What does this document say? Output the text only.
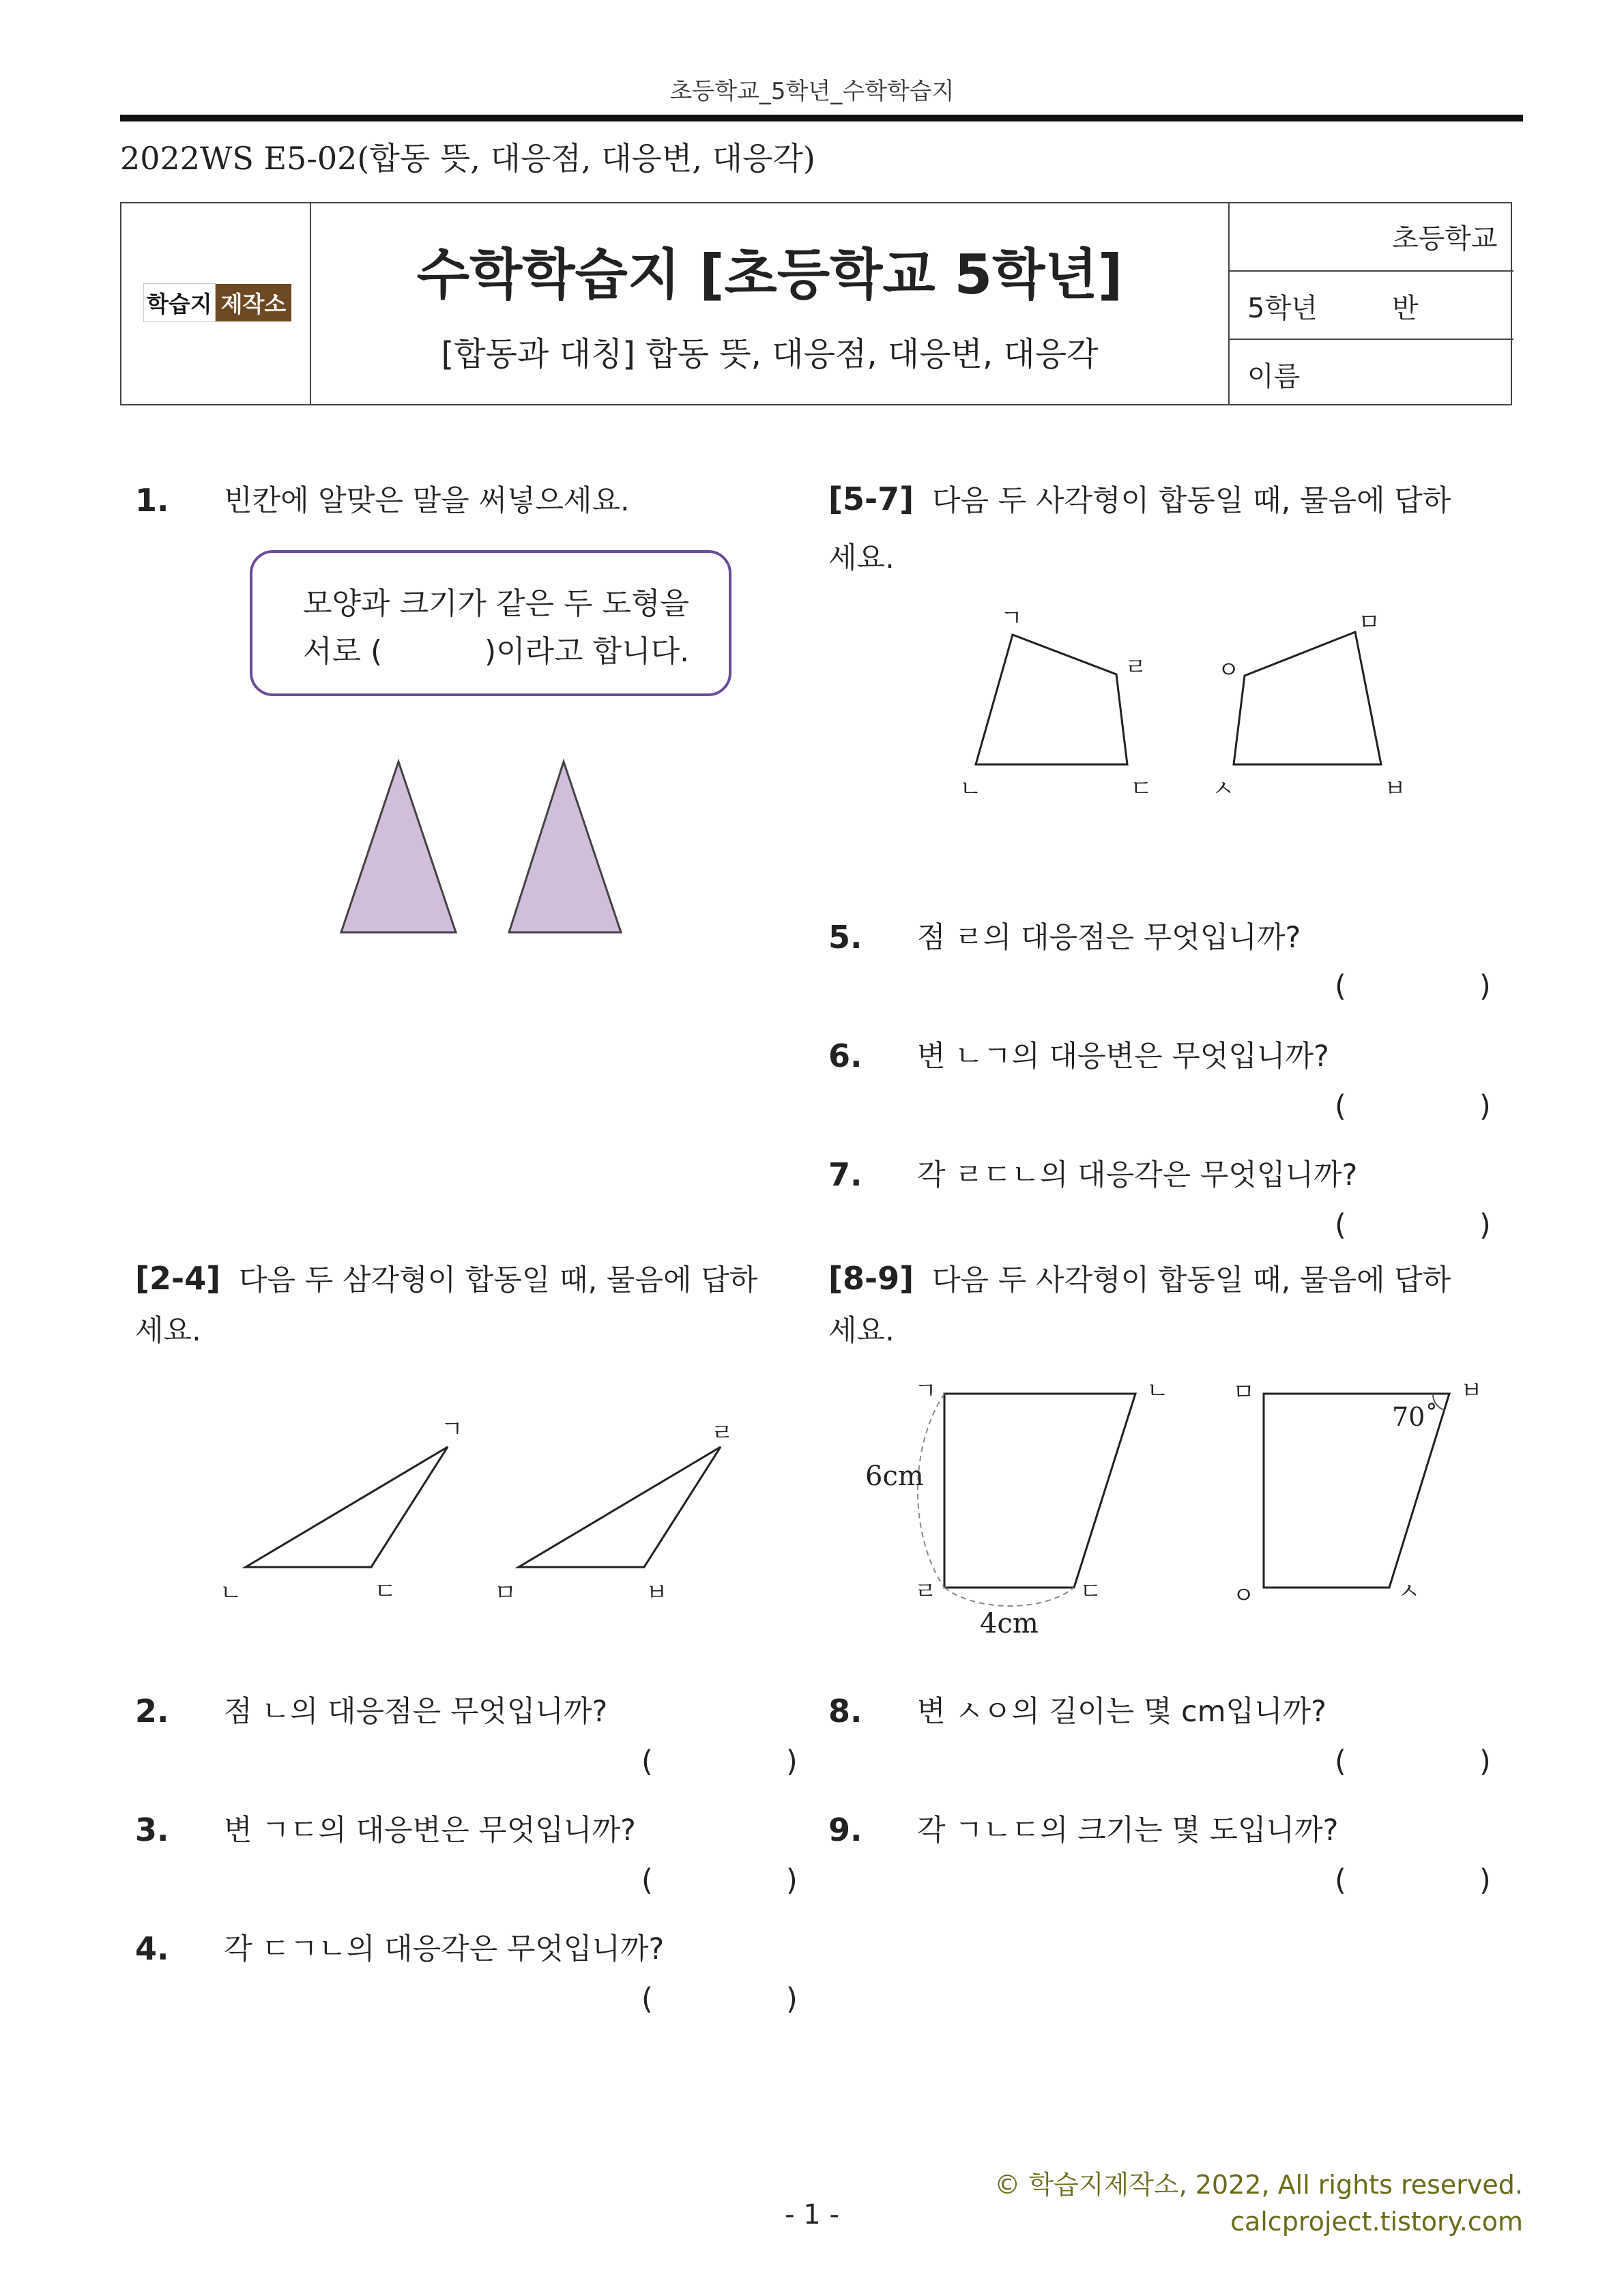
초등학교_5학년_수학학습지
2022WS E5-02(합동 뜻, 대응점, 대응변, 대응각)
학습지 제작소	수학학습지 [초등학교 5학년]
[합동과 대칭] 합동 뜻, 대응점, 대응변, 대응각
초등학교
5학년	반
이름
1. 빈칸에 알맞은 말을 써넣으세요.
모양과 크기가 같은 두 도형을
서로 (	)이라고 합니다.
[2-4] 다음 두 삼각형이 합동일 때, 물음에 답하
세요.
ㄱ
ㄴ	ㄷ
ㄹ
ㅁ	ㅂ
2. 점 ㄴ의 대응점은 무엇입니까?
(	)
3. 변 ㄱㄷ의 대응변은 무엇입니까?
(	)
4. 각 ㄷㄱㄴ의 대응각은 무엇입니까?
(	)
[5-7] 다음 두 사각형이 합동일 때, 물음에 답하
세요.
ㄱ
ㄴ	ㄷ
ㄹ
ㅁ
ㅂ
ㅅ
ㅇ
5. 점 ㄹ의 대응점은 무엇입니까?
(	)
6. 변 ㄴㄱ의 대응변은 무엇입니까?
(	)
7. 각 ㄹㄷㄴ의 대응각은 무엇입니까?
(	)
[8-9] 다음 두 사각형이 합동일 때, 물음에 답하
세요.
ㄱ	ㄴ
ㄷ
ㄹ
ㅁ	ㅂ
ㅅ
ㅇ
6cm
4cm
70˚
8. 변 ㅅㅇ의 길이는 몇 cm입니까?
(	)
9. 각 ㄱㄴㄷ의 크기는 몇 도입니까?
(	)
© 학습지제작소, 2022, All rights reserved.
calcproject.tistory.com
- 1 -
